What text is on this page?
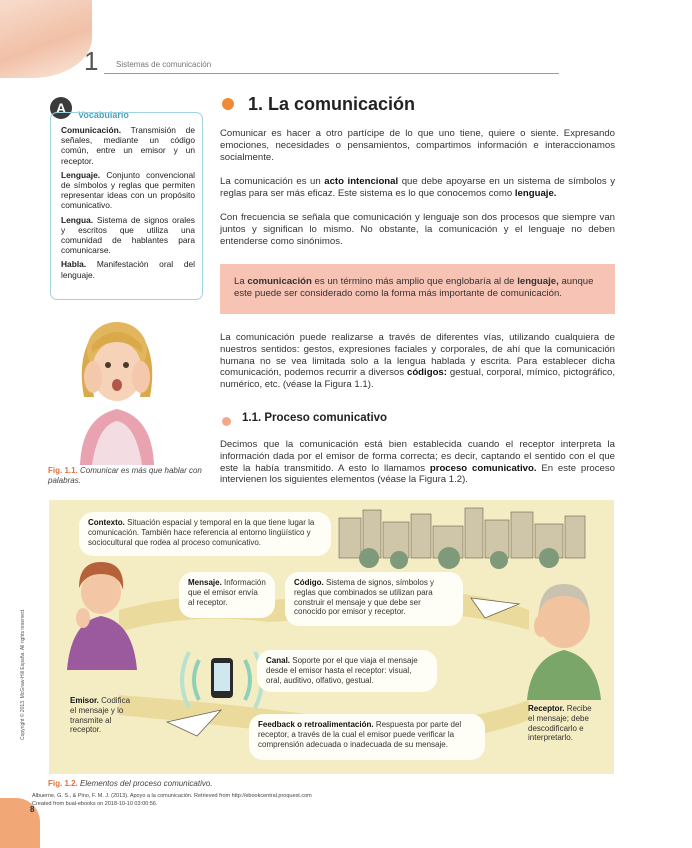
1 Sistemas de comunicación
A	Vocabulario

Comunicación. Transmisión de señales, mediante un código común, entre un emisor y un receptor.

Lenguaje. Conjunto convencional de símbolos y reglas que permiten representar ideas con un propósito comunicativo.

Lengua. Sistema de signos orales y escritos que utiliza una comunidad de hablantes para comunicarse.

Habla. Manifestación oral del lenguaje.

1. La comunicación

Comunicar es hacer a otro partícipe de lo que uno tiene, quiere o siente. Expresando emociones, necesidades o pensamientos, compartimos información e interaccionamos socialmente.

La comunicación es un acto intencional que debe apoyarse en un sistema de símbolos y reglas para ser más eficaz. Este sistema es lo que conocemos como lenguaje.

Con frecuencia se señala que comunicación y lenguaje son dos procesos que siempre van juntos y significan lo mismo. No obstante, la comunicación y el lenguaje no deben entenderse como sinónimos.

La comunicación es un término más amplio que englobaría al de lenguaje, aunque este puede ser considerado como la forma más importante de comunicación.

La comunicación puede realizarse a través de diferentes vías, utilizando cualquiera de nuestros sentidos: gestos, expresiones faciales y corporales, de ahí que la comunicación humana no se vea limitada solo a la lengua hablada y escrita. Para establecer dicha comunicación, podemos recurrir a diversos códigos: gestual, corporal, mímico, pictográfico, numérico, etc. (véase la Figura 1.1).

1.1. Proceso comunicativo

Decimos que la comunicación está bien establecida cuando el receptor interpreta la información dada por el emisor de forma correcta; es decir, captando el sentido con el que este la había transmitido. A esto lo llamamos proceso comunicativo. En este proceso intervienen los siguientes elementos (véase la Figura 1.2).

Fig. 1.1. Comunicar es más que hablar con palabras.
Contexto. Situación espacial y temporal en la que tiene lugar la comunicación. También hace referencia al entorno lingüístico y sociocultural que rodea al proceso comunicativo.
Mensaje. Información que el emisor envía al receptor.
Código. Sistema de signos, símbolos y reglas que combinados se utilizan para construir el mensaje y que debe ser conocido por emisor y receptor.
Canal. Soporte por el que viaja el mensaje desde el emisor hasta el receptor: visual, oral, auditivo, olfativo, gestual.
Emisor. Codifica el mensaje y lo transmite al receptor.
Receptor. Recibe el mensaje; debe descodificarlo e interpretarlo.
Feedback o retroalimentación. Respuesta por parte del receptor, a través de la cual el emisor puede verificar la comprensión adecuada o inadecuada de su mensaje.
Fig. 1.2. Elementos del proceso comunicativo.
Copyright © 2013. McGraw-Hill España. All rights reserved.
Albuerne, G. S., & Pino, F. M. J. (2013). Apoyo a la comunicación. Retrieved from http://ebookcentral.proquest.com
Created from bual-ebooks on 2018-10-10 03:00:56.
8
